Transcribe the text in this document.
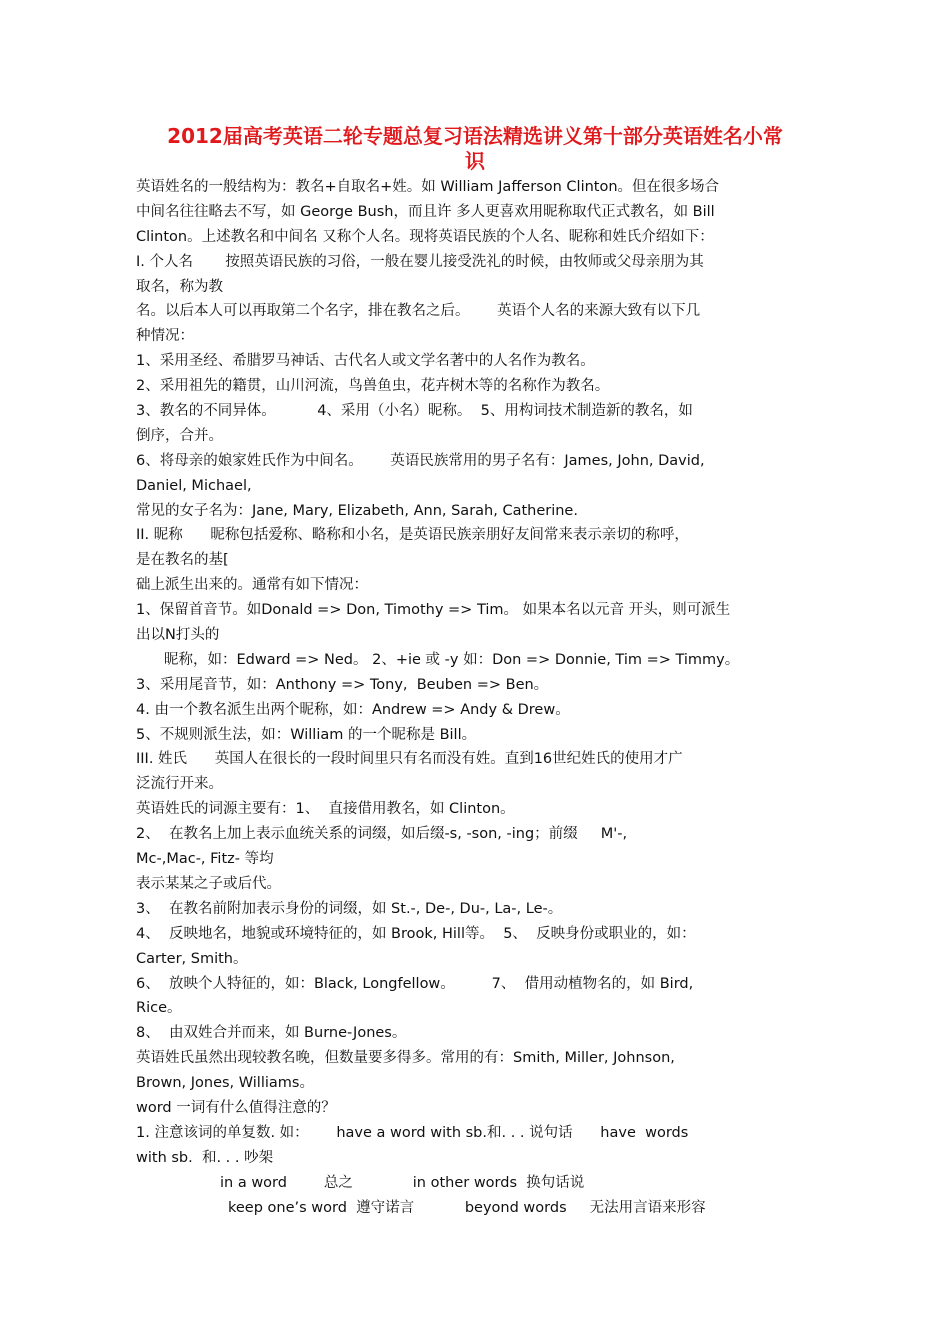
2012届高考英语二轮专题总复习语法精选讲义第十部分英语姓名小常
识
英语姓名的一般结构为：教名+自取名+姓。如 William Jafferson Clinton。但在很多场合
中间名往往略去不写，如 George Bush，而且许 多人更喜欢用昵称取代正式教名，如 Bill
Clinton。上述教名和中间名 又称个人名。现将英语民族的个人名、昵称和姓氏介绍如下：
I. 个人名       按照英语民族的习俗，一般在婴儿接受洗礼的时候，由牧师或父母亲朋为其
取名，称为教
名。以后本人可以再取第二个名字，排在教名之后。      英语个人名的来源大致有以下几
种情况：
1、采用圣经、希腊罗马神话、古代名人或文学名著中的人名作为教名。
2、采用祖先的籍贯，山川河流，鸟兽鱼虫，花卉树木等的名称作为教名。
3、教名的不同异体。         4、采用（小名）昵称。  5、用构词技术制造新的教名，如
倒序，合并。
6、将母亲的娘家姓氏作为中间名。      英语民族常用的男子名有：James, John, David,
Daniel, Michael,
常见的女子名为：Jane, Mary, Elizabeth, Ann, Sarah, Catherine.
II. 昵称      昵称包括爱称、略称和小名，是英语民族亲朋好友间常来表示亲切的称呼，
是在教名的基[
础上派生出来的。通常有如下情况：
1、保留首音节。如Donald => Don, Timothy => Tim。 如果本名以元音 开头，则可派生
出以N打头的
昵称，如：Edward => Ned。 2、+ie 或 -y 如：Don => Donnie, Tim => Timmy。
3、采用尾音节，如：Anthony => Tony,  Beuben => Ben。
4. 由一个教名派生出两个昵称，如：Andrew => Andy & Drew。
5、不规则派生法，如：William 的一个昵称是 Bill。
III. 姓氏      英国人在很长的一段时间里只有名而没有姓。直到16世纪姓氏的使用才广
泛流行开来。
英语姓氏的词源主要有：1、  直接借用教名，如 Clinton。
2、  在教名上加上表示血统关系的词缀，如后缀-s, -son, -ing；前缀     M'-,
Mc-,Mac-, Fitz- 等均
表示某某之子或后代。
3、  在教名前附加表示身份的词缀，如 St.-, De-, Du-, La-, Le-。
4、  反映地名，地貌或环境特征的，如 Brook, Hill等。  5、  反映身份或职业的，如：
Carter, Smith。
6、  放映个人特征的，如：Black, Longfellow。        7、  借用动植物名的，如 Bird,
Rice。
8、  由双姓合并而来，如 Burne-Jones。
英语姓氏虽然出现较教名晚，但数量要多得多。常用的有：Smith, Miller, Johnson,
Brown, Jones, Williams。
word 一词有什么值得注意的？
1. 注意该词的单复数. 如：      have a word with sb.和. . . 说句话      have  words
with sb.  和. . . 吵架
in a word        总之             in other words  换句话说
keep one’s word  遵守诺言           beyond words     无法用言语来形容
